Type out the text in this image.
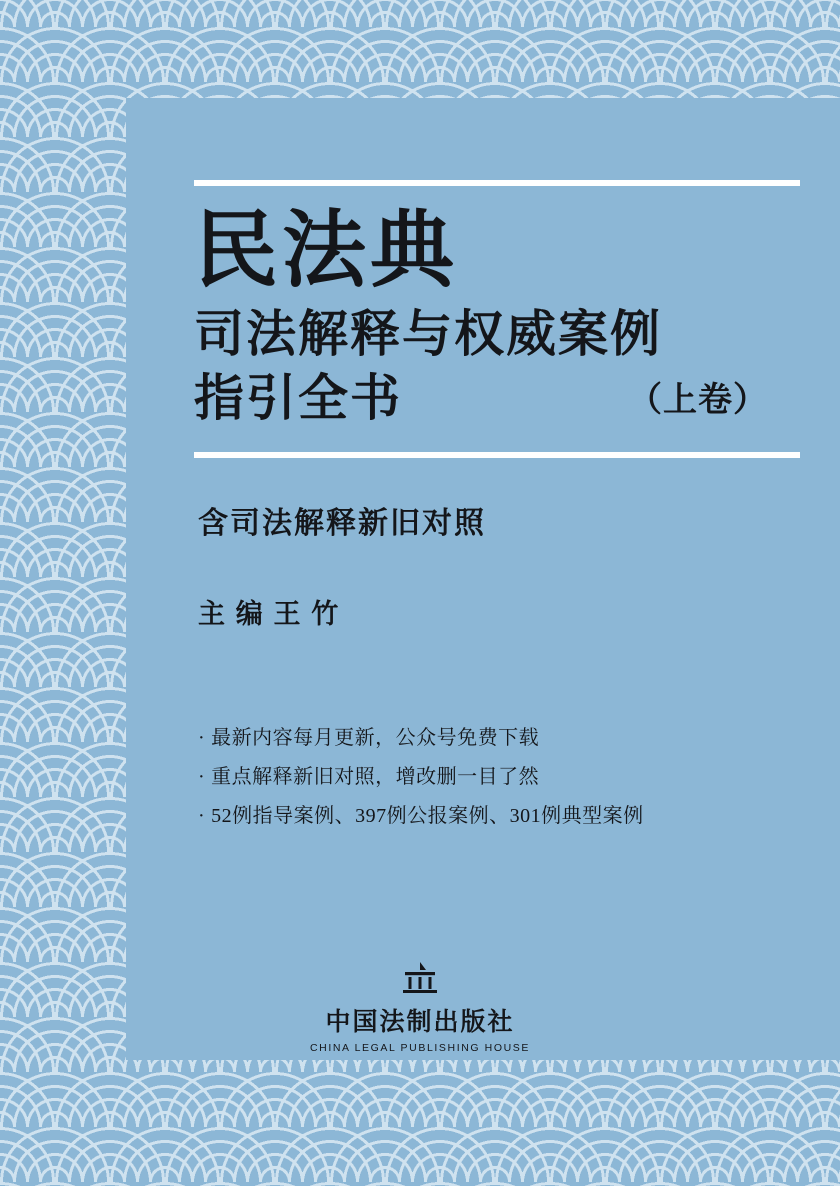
民法典
司法解释与权威案例
指引全书	（上卷）
含司法解释新旧对照
主 编 王 竹
· 最新内容每月更新，公众号免费下载
· 重点解释新旧对照，增改删一目了然
· 52例指导案例、397例公报案例、301例典型案例
中国法制出版社
CHINA LEGAL PUBLISHING HOUSE
